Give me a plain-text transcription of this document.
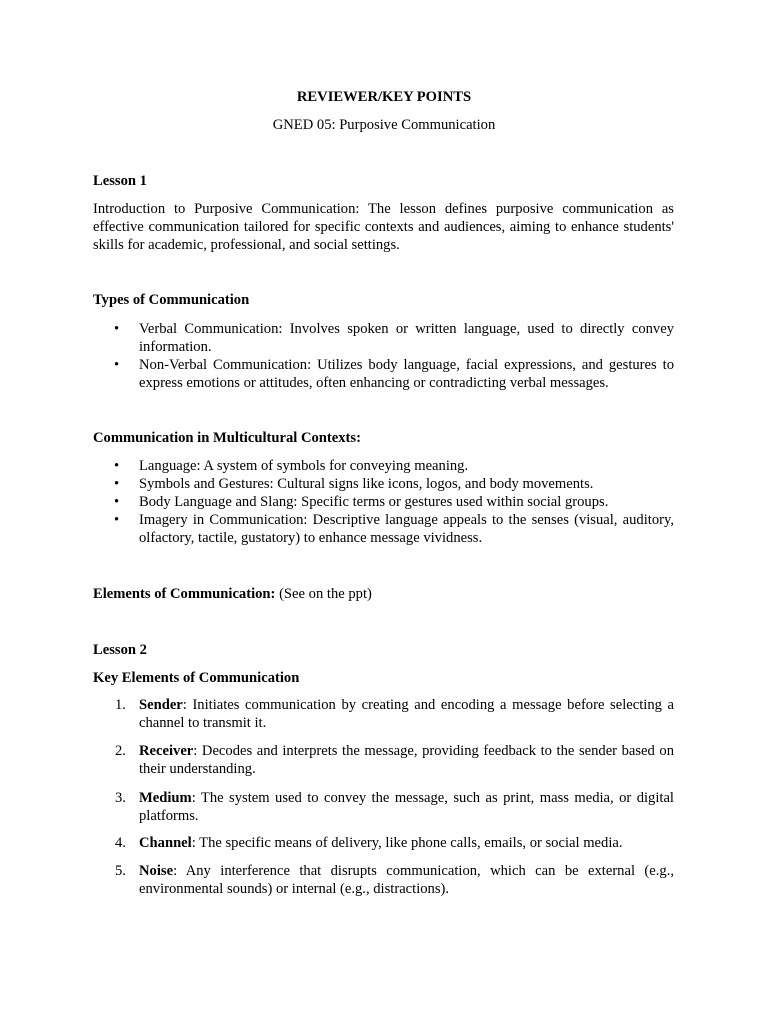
REVIEWER/KEY POINTS
GNED 05: Purposive Communication
Lesson 1
Introduction to Purposive Communication: The lesson defines purposive communication as effective communication tailored for specific contexts and audiences, aiming to enhance students' skills for academic, professional, and social settings.
Types of Communication
• Verbal Communication: Involves spoken or written language, used to directly convey information.
• Non-Verbal Communication: Utilizes body language, facial expressions, and gestures to express emotions or attitudes, often enhancing or contradicting verbal messages.
Communication in Multicultural Contexts:
• Language: A system of symbols for conveying meaning.
• Symbols and Gestures: Cultural signs like icons, logos, and body movements.
• Body Language and Slang: Specific terms or gestures used within social groups.
• Imagery in Communication: Descriptive language appeals to the senses (visual, auditory, olfactory, tactile, gustatory) to enhance message vividness.
Elements of Communication: (See on the ppt)
Lesson 2
Key Elements of Communication
1. Sender: Initiates communication by creating and encoding a message before selecting a channel to transmit it.
2. Receiver: Decodes and interprets the message, providing feedback to the sender based on their understanding.
3. Medium: The system used to convey the message, such as print, mass media, or digital platforms.
4. Channel: The specific means of delivery, like phone calls, emails, or social media.
5. Noise: Any interference that disrupts communication, which can be external (e.g., environmental sounds) or internal (e.g., distractions).
